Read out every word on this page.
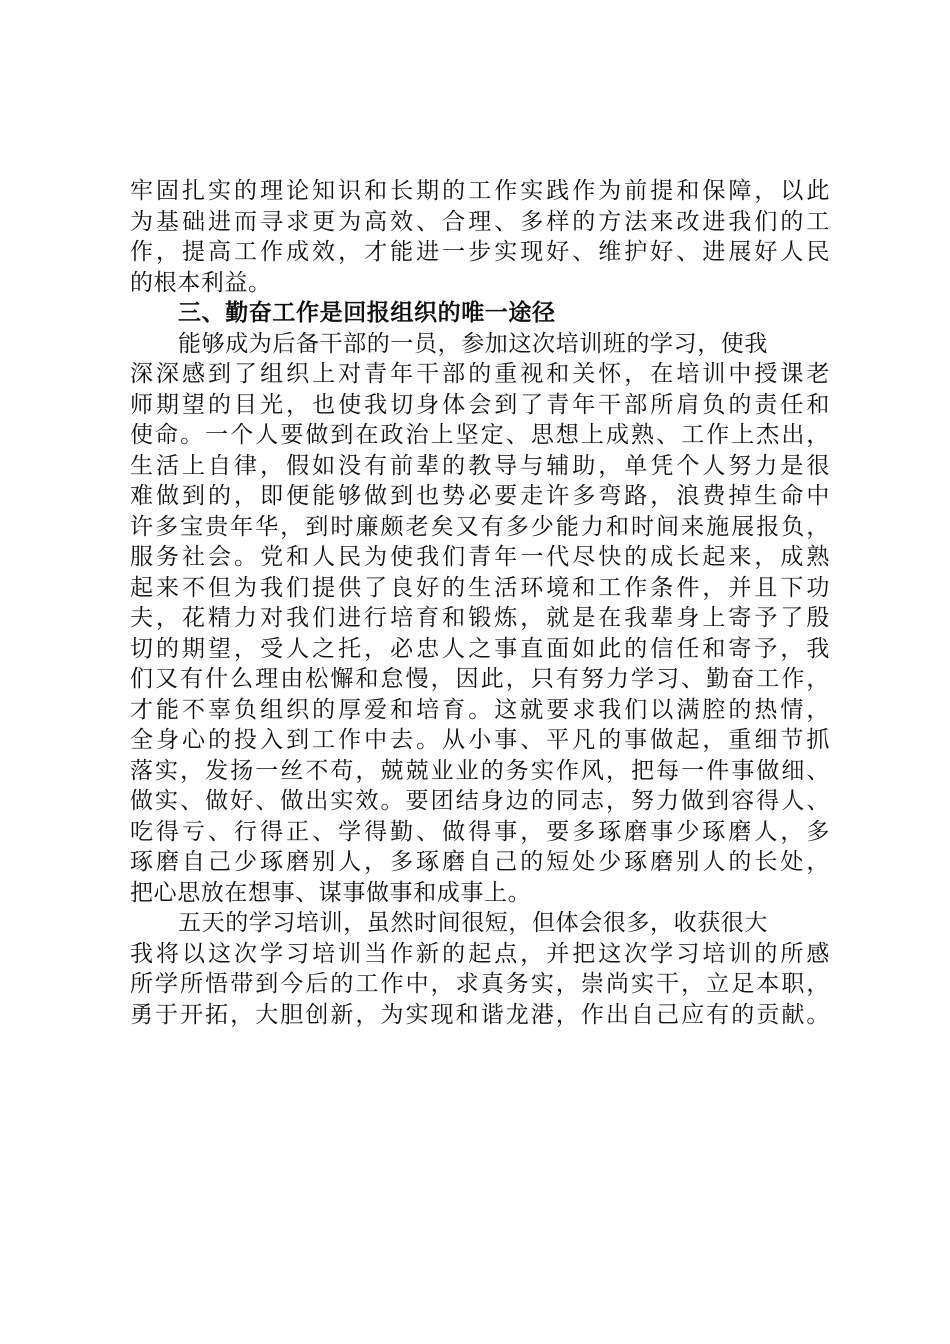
牢固扎实的理论知识和长期的工作实践作为前提和保障，以此
为基础进而寻求更为高效、合理、多样的方法来改进我们的工
作，提高工作成效，才能进一步实现好、维护好、进展好人民
的根本利益。
三、勤奋工作是回报组织的唯一途径
能够成为后备干部的一员，参加这次培训班的学习，使我
深深感到了组织上对青年干部的重视和关怀，在培训中授课老
师期望的目光，也使我切身体会到了青年干部所肩负的责任和
使命。一个人要做到在政治上坚定、思想上成熟、工作上杰出，
生活上自律，假如没有前辈的教导与辅助，单凭个人努力是很
难做到的，即便能够做到也势必要走许多弯路，浪费掉生命中
许多宝贵年华，到时廉颇老矣又有多少能力和时间来施展报负，
服务社会。党和人民为使我们青年一代尽快的成长起来，成熟
起来不但为我们提供了良好的生活环境和工作条件，并且下功
夫，花精力对我们进行培育和锻炼，就是在我辈身上寄予了殷
切的期望，受人之托，必忠人之事直面如此的信任和寄予，我
们又有什么理由松懈和怠慢，因此，只有努力学习、勤奋工作，
才能不辜负组织的厚爱和培育。这就要求我们以满腔的热情，
全身心的投入到工作中去。从小事、平凡的事做起，重细节抓
落实，发扬一丝不苟，兢兢业业的务实作风，把每一件事做细、
做实、做好、做出实效。要团结身边的同志，努力做到容得人、
吃得亏、行得正、学得勤、做得事，要多琢磨事少琢磨人，多
琢磨自己少琢磨别人，多琢磨自己的短处少琢磨别人的长处，
把心思放在想事、谋事做事和成事上。
五天的学习培训，虽然时间很短，但体会很多，收获很大
我将以这次学习培训当作新的起点，并把这次学习培训的所感
所学所悟带到今后的工作中，求真务实，崇尚实干，立足本职，
勇于开拓，大胆创新，为实现和谐龙港，作出自己应有的贡献。
